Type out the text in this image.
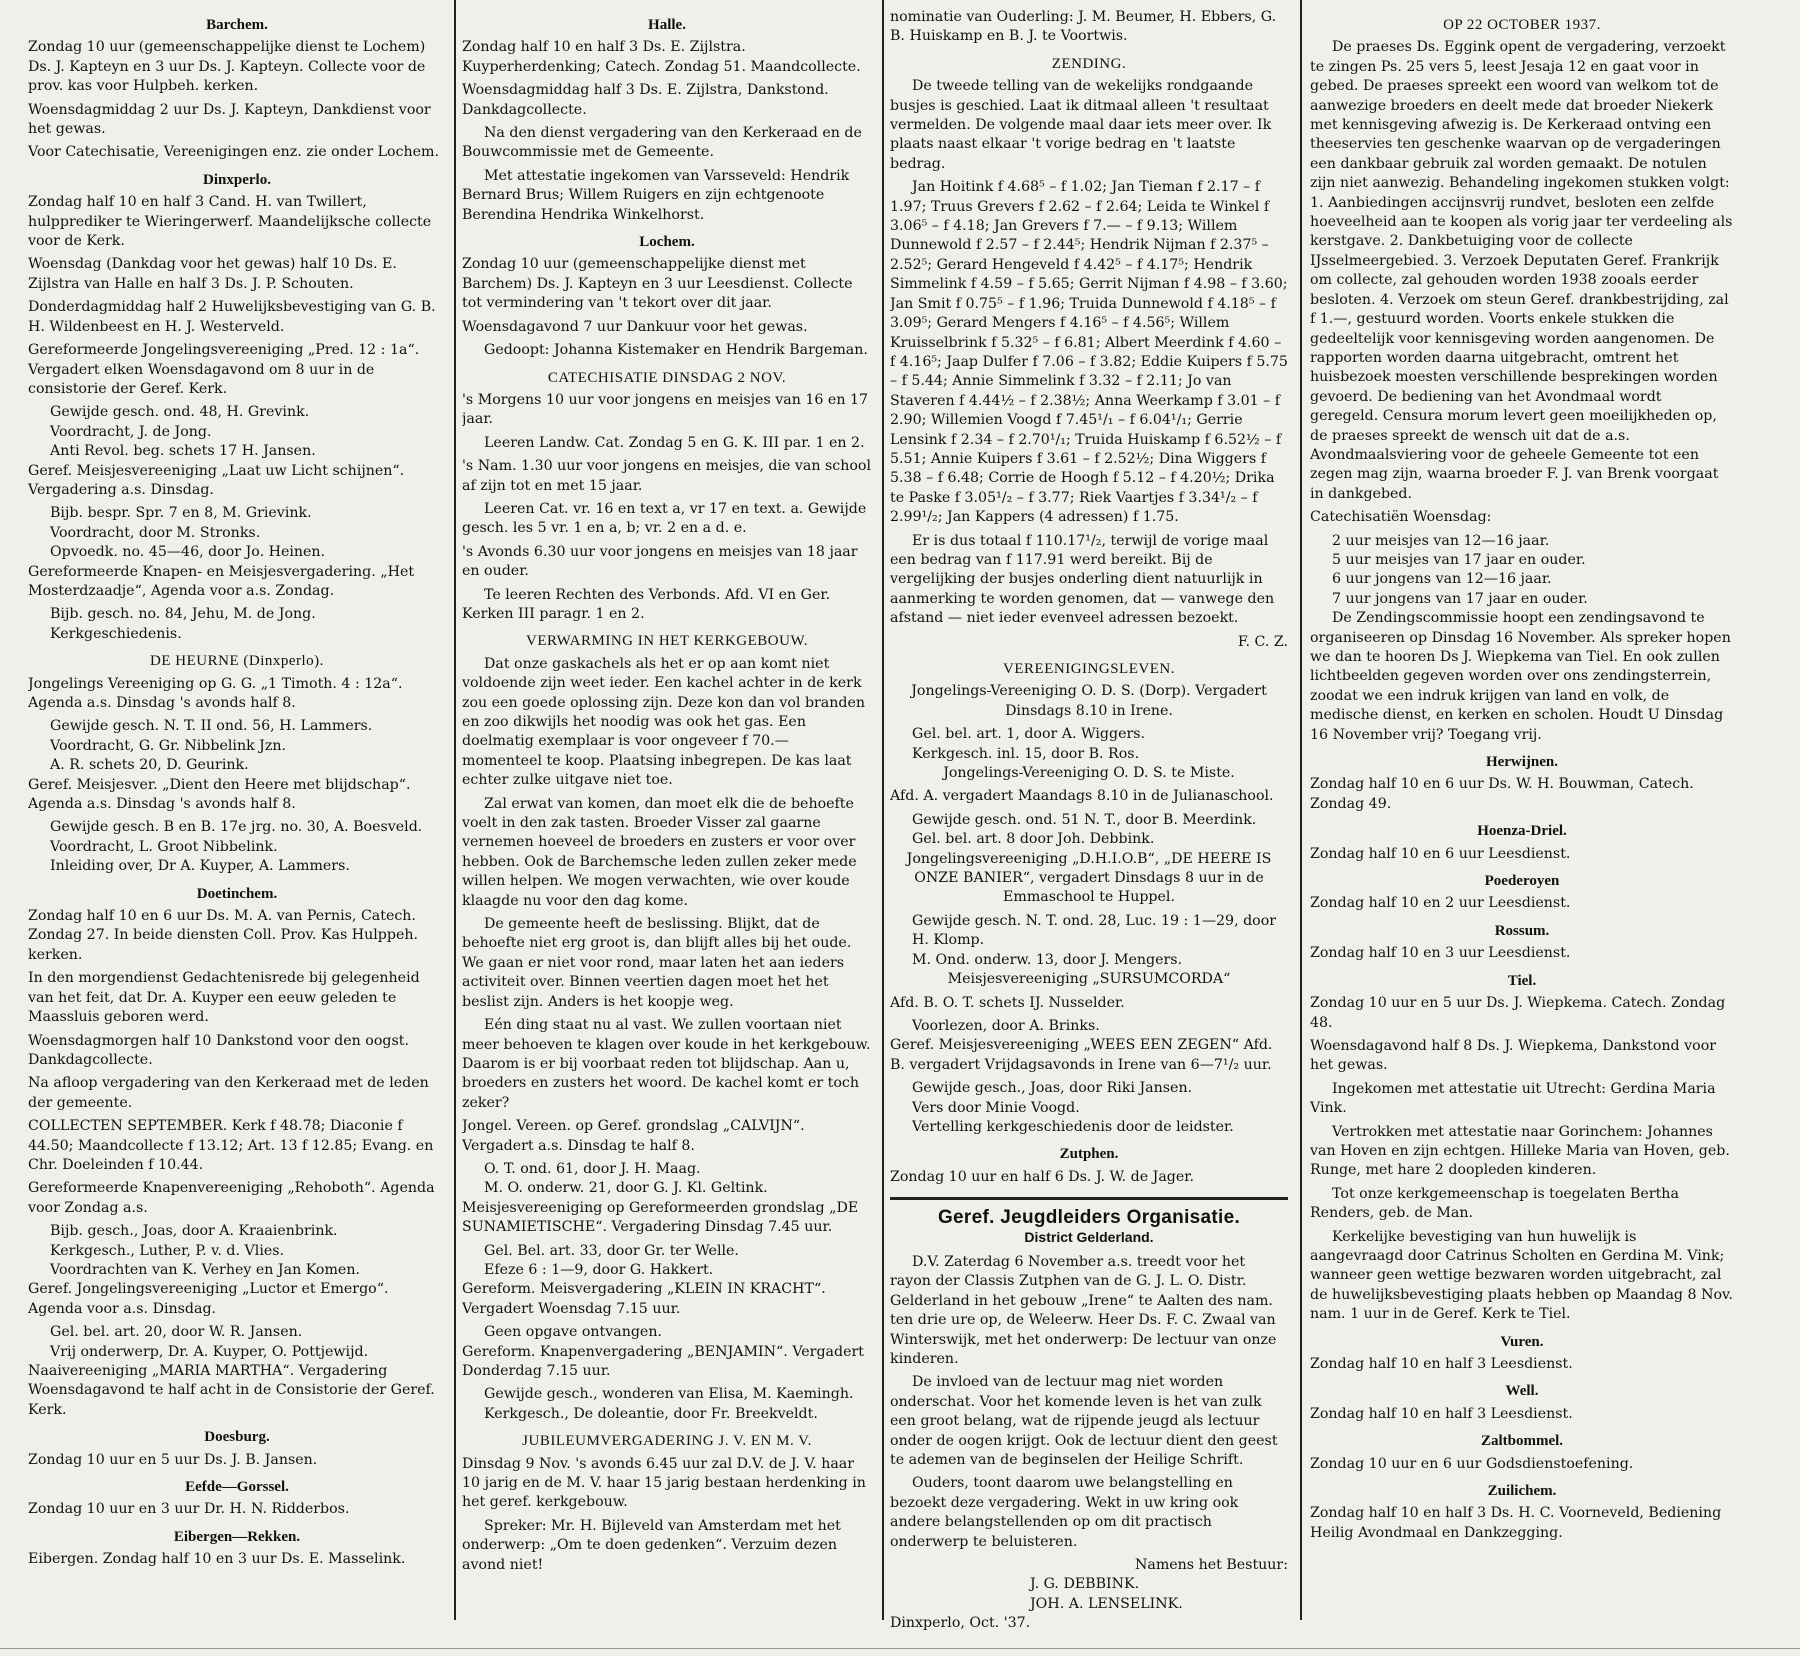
Barchem.
Zondag 10 uur (gemeenschappelijke dienst te Lochem) Ds. J. Kapteyn en 3 uur Ds. J. Kapteyn. Collecte voor de prov. kas voor Hulpbeh. kerken.
Woensdagmiddag 2 uur Ds. J. Kapteyn, Dankdienst voor het gewas.
Voor Catechisatie, Vereenigingen enz. zie onder Lochem.
Dinxperlo.
Zondag half 10 en half 3 Cand. H. van Twillert, hulpprediker te Wieringerwerf. Maandelijksche collecte voor de Kerk.
Woensdag (Dankdag voor het gewas) half 10 Ds. E. Zijlstra van Halle en half 3 Ds. J. P. Schouten.
Donderdagmiddag half 2 Huwelijksbevestiging van G. B. H. Wildenbeest en H. J. Westerveld.
Gereformeerde Jongelingsvereeniging „Pred. 12 : 1a“. Vergadert elken Woensdagavond om 8 uur in de consistorie der Geref. Kerk.
Gewijde gesch. ond. 48, H. Grevink.
Voordracht, J. de Jong.
Anti Revol. beg. schets 17 H. Jansen.
Geref. Meisjesvereeniging „Laat uw Licht schijnen“. Vergadering a.s. Dinsdag.
Bijb. bespr. Spr. 7 en 8, M. Grievink.
Voordracht, door M. Stronks.
Opvoedk. no. 45—46, door Jo. Heinen.
Gereformeerde Knapen- en Meisjesvergadering. „Het Mosterdzaadje“, Agenda voor a.s. Zondag.
Bijb. gesch. no. 84, Jehu, M. de Jong.
Kerkgeschiedenis.
DE HEURNE (Dinxperlo).
Jongelings Vereeniging op G. G. „1 Timoth. 4 : 12a“. Agenda a.s. Dinsdag 's avonds half 8.
Gewijde gesch. N. T. II ond. 56, H. Lammers.
Voordracht, G. Gr. Nibbelink Jzn.
A. R. schets 20, D. Geurink.
Geref. Meisjesver. „Dient den Heere met blijdschap“. Agenda a.s. Dinsdag 's avonds half 8.
Gewijde gesch. B en B. 17e jrg. no. 30, A. Boesveld.
Voordracht, L. Groot Nibbelink.
Inleiding over, Dr A. Kuyper, A. Lammers.
Doetinchem.
Zondag half 10 en 6 uur Ds. M. A. van Pernis, Catech. Zondag 27. In beide diensten Coll. Prov. Kas Hulppeh. kerken.
In den morgendienst Gedachtenisrede bij gelegenheid van het feit, dat Dr. A. Kuyper een eeuw geleden te Maassluis geboren werd.
Woensdagmorgen half 10 Dankstond voor den oogst. Dankdagcollecte.
Na afloop vergadering van den Kerkeraad met de leden der gemeente.
COLLECTEN SEPTEMBER. Kerk f 48.78; Diaconie f 44.50; Maandcollecte f 13.12; Art. 13 f 12.85; Evang. en Chr. Doeleinden f 10.44.
Gereformeerde Knapenvereeniging „Rehoboth“. Agenda voor Zondag a.s.
Bijb. gesch., Joas, door A. Kraaienbrink.
Kerkgesch., Luther, P. v. d. Vlies.
Voordrachten van K. Verhey en Jan Komen.
Geref. Jongelingsvereeniging „Luctor et Emergo“. Agenda voor a.s. Dinsdag.
Gel. bel. art. 20, door W. R. Jansen.
Vrij onderwerp, Dr. A. Kuyper, O. Pottjewijd.
Naaivereeniging „MARIA MARTHA“. Vergadering Woensdagavond te half acht in de Consistorie der Geref. Kerk.
Doesburg.
Zondag 10 uur en 5 uur Ds. J. B. Jansen.
Eefde—Gorssel.
Zondag 10 uur en 3 uur Dr. H. N. Ridderbos.
Eibergen—Rekken.
Eibergen. Zondag half 10 en 3 uur Ds. E. Masselink.
Halle.
Zondag half 10 en half 3 Ds. E. Zijlstra. Kuyperherdenking; Catech. Zondag 51. Maandcollecte.
Woensdagmiddag half 3 Ds. E. Zijlstra, Dankstond. Dankdagcollecte.
Na den dienst vergadering van den Kerkeraad en de Bouwcommissie met de Gemeente.
Met attestatie ingekomen van Varsseveld: Hendrik Bernard Brus; Willem Ruigers en zijn echtgenoote Berendina Hendrika Winkelhorst.
Lochem.
Zondag 10 uur (gemeenschappelijke dienst met Barchem) Ds. J. Kapteyn en 3 uur Leesdienst. Collecte tot vermindering van 't tekort over dit jaar.
Woensdagavond 7 uur Dankuur voor het gewas.
Gedoopt: Johanna Kistemaker en Hendrik Bargeman.
CATECHISATIE DINSDAG 2 NOV.
's Morgens 10 uur voor jongens en meisjes van 16 en 17 jaar.
Leeren Landw. Cat. Zondag 5 en G. K. III par. 1 en 2.
's Nam. 1.30 uur voor jongens en meisjes, die van school af zijn tot en met 15 jaar.
Leeren Cat. vr. 16 en text a, vr 17 en text. a. Gewijde gesch. les 5 vr. 1 en a, b; vr. 2 en a d. e.
's Avonds 6.30 uur voor jongens en meisjes van 18 jaar en ouder.
Te leeren Rechten des Verbonds. Afd. VI en Ger. Kerken III paragr. 1 en 2.
VERWARMING IN HET KERKGEBOUW.
Dat onze gaskachels als het er op aan komt niet voldoende zijn weet ieder. Een kachel achter in de kerk zou een goede oplossing zijn. Deze kon dan vol branden en zoo dikwijls het noodig was ook het gas. Een doelmatig exemplaar is voor ongeveer f 70.— momenteel te koop. Plaatsing inbegrepen. De kas laat echter zulke uitgave niet toe.
Zal erwat van komen, dan moet elk die de behoefte voelt in den zak tasten. Broeder Visser zal gaarne vernemen hoeveel de broeders en zusters er voor over hebben. Ook de Barchemsche leden zullen zeker mede willen helpen. We mogen verwachten, wie over koude klaagde nu voor den dag kome.
De gemeente heeft de beslissing. Blijkt, dat de behoefte niet erg groot is, dan blijft alles bij het oude. We gaan er niet voor rond, maar laten het aan ieders activiteit over. Binnen veertien dagen moet het het beslist zijn. Anders is het koopje weg.
Eén ding staat nu al vast. We zullen voortaan niet meer behoeven te klagen over koude in het kerkgebouw. Daarom is er bij voorbaat reden tot blijdschap. Aan u, broeders en zusters het woord. De kachel komt er toch zeker?
Jongel. Vereen. op Geref. grondslag „CALVIJN“. Vergadert a.s. Dinsdag te half 8.
O. T. ond. 61, door J. H. Maag.
M. O. onderw. 21, door G. J. Kl. Geltink.
Meisjesvereeniging op Gereformeerden grondslag „DE SUNAMIETISCHE“. Vergadering Dinsdag 7.45 uur.
Gel. Bel. art. 33, door Gr. ter Welle.
Efeze 6 : 1—9, door G. Hakkert.
Gereform. Meisvergadering „KLEIN IN KRACHT“. Vergadert Woensdag 7.15 uur.
Geen opgave ontvangen.
Gereform. Knapenvergadering „BENJAMIN“. Vergadert Donderdag 7.15 uur.
Gewijde gesch., wonderen van Elisa, M. Kaemingh.
Kerkgesch., De doleantie, door Fr. Breekveldt.
JUBILEUMVERGADERING J. V. EN M. V.
Dinsdag 9 Nov. 's avonds 6.45 uur zal D.V. de J. V. haar 10 jarig en de M. V. haar 15 jarig bestaan herdenking in het geref. kerkgebouw.
Spreker: Mr. H. Bijleveld van Amsterdam met het onderwerp: „Om te doen gedenken“. Verzuim dezen avond niet!
nominatie van Ouderling: J. M. Beumer, H. Ebbers, G. B. Huiskamp en B. J. te Voortwis.
ZENDING.
De tweede telling van de wekelijks rondgaande busjes is geschied. Laat ik ditmaal alleen 't resultaat vermelden. De volgende maal daar iets meer over. Ik plaats naast elkaar 't vorige bedrag en 't laatste bedrag.
Jan Hoitink f 4.68⁵ – f 1.02; Jan Tieman f 2.17 – f 1.97; Truus Grevers f 2.62 – f 2.64; Leida te Winkel f 3.06⁵ – f 4.18; Jan Grevers f 7.— – f 9.13; Willem Dunnewold f 2.57 – f 2.44⁵; Hendrik Nijman f 2.37⁵ – 2.52⁵; Gerard Hengeveld f 4.42⁵ – f 4.17⁵; Hendrik Simmelink f 4.59 – f 5.65; Gerrit Nijman f 4.98 – f 3.60; Jan Smit f 0.75⁵ – f 1.96; Truida Dunnewold f 4.18⁵ – f 3.09⁵; Gerard Mengers f 4.16⁵ – f 4.56⁵; Willem Kruisselbrink f 5.32⁵ – f 6.81; Albert Meerdink f 4.60 – f 4.16⁵; Jaap Dulfer f 7.06 – f 3.82; Eddie Kuipers f 5.75 – f 5.44; Annie Simmelink f 3.32 – f 2.11; Jo van Staveren f 4.44½ – f 2.38½; Anna Weerkamp f 3.01 – f 2.90; Willemien Voogd f 7.45¹/₁ – f 6.04¹/₁; Gerrie Lensink f 2.34 – f 2.70¹/₁; Truida Huiskamp f 6.52½ – f 5.51; Annie Kuipers f 3.61 – f 2.52½; Dina Wiggers f 5.38 – f 6.48; Corrie de Hoogh f 5.12 – f 4.20½; Drika te Paske f 3.05¹/₂ – f 3.77; Riek Vaartjes f 3.34¹/₂ – f 2.99¹/₂; Jan Kappers (4 adressen) f 1.75.
Er is dus totaal f 110.17¹/₂, terwijl de vorige maal een bedrag van f 117.91 werd bereikt. Bij de vergelijking der busjes onderling dient natuurlijk in aanmerking te worden genomen, dat — vanwege den afstand — niet ieder evenveel adressen bezoekt.
F. C. Z.
VEREENIGINGSLEVEN.
Jongelings-Vereeniging O. D. S. (Dorp). Vergadert Dinsdags 8.10 in Irene.
Gel. bel. art. 1, door A. Wiggers.
Kerkgesch. inl. 15, door B. Ros.
Jongelings-Vereeniging O. D. S. te Miste.
Afd. A. vergadert Maandags 8.10 in de Julianaschool.
Gewijde gesch. ond. 51 N. T., door B. Meerdink.
Gel. bel. art. 8 door Joh. Debbink.
Jongelingsvereeniging „D.H.I.O.B“, „DE HEERE IS ONZE BANIER“, vergadert Dinsdags 8 uur in de Emmaschool te Huppel.
Gewijde gesch. N. T. ond. 28, Luc. 19 : 1—29, door H. Klomp.
M. Ond. onderw. 13, door J. Mengers.
Meisjesvereeniging „SURSUMCORDA“
Afd. B. O. T. schets IJ. Nusselder.
Voorlezen, door A. Brinks.
Geref. Meisjesvereeniging „WEES EEN ZEGEN“ Afd. B. vergadert Vrijdagsavonds in Irene van 6—7¹/₂ uur.
Gewijde gesch., Joas, door Riki Jansen.
Vers door Minie Voogd.
Vertelling kerkgeschiedenis door de leidster.
Zutphen.
Zondag 10 uur en half 6 Ds. J. W. de Jager.
Geref. Jeugdleiders Organisatie.
District Gelderland.
D.V. Zaterdag 6 November a.s. treedt voor het rayon der Classis Zutphen van de G. J. L. O. Distr. Gelderland in het gebouw „Irene“ te Aalten des nam. ten drie ure op, de Weleerw. Heer Ds. F. C. Zwaal van Winterswijk, met het onderwerp: De lectuur van onze kinderen.
De invloed van de lectuur mag niet worden onderschat. Voor het komende leven is het van zulk een groot belang, wat de rijpende jeugd als lectuur onder de oogen krijgt. Ook de lectuur dient den geest te ademen van de beginselen der Heilige Schrift.
Ouders, toont daarom uwe belangstelling en bezoekt deze vergadering. Wekt in uw kring ook andere belangstellenden op om dit practisch onderwerp te beluisteren.
Namens het Bestuur:
J. G. DEBBINK.
JOH. A. LENSELINK.
Dinxperlo, Oct. '37.
OP 22 OCTOBER 1937.
De praeses Ds. Eggink opent de vergadering, verzoekt te zingen Ps. 25 vers 5, leest Jesaja 12 en gaat voor in gebed. De praeses spreekt een woord van welkom tot de aanwezige broeders en deelt mede dat broeder Niekerk met kennisgeving afwezig is. De Kerkeraad ontving een theeservies ten geschenke waarvan op de vergaderingen een dankbaar gebruik zal worden gemaakt. De notulen zijn niet aanwezig. Behandeling ingekomen stukken volgt: 1. Aanbiedingen accijnsvrij rundvet, besloten een zelfde hoeveelheid aan te koopen als vorig jaar ter verdeeling als kerstgave. 2. Dankbetuiging voor de collecte IJsselmeergebied. 3. Verzoek Deputaten Geref. Frankrijk om collecte, zal gehouden worden 1938 zooals eerder besloten. 4. Verzoek om steun Geref. drankbestrijding, zal f 1.—, gestuurd worden. Voorts enkele stukken die gedeeltelijk voor kennisgeving worden aangenomen. De rapporten worden daarna uitgebracht, omtrent het huisbezoek moesten verschillende besprekingen worden gevoerd. De bediening van het Avondmaal wordt geregeld. Censura morum levert geen moeilijkheden op, de praeses spreekt de wensch uit dat de a.s. Avondmaalsviering voor de geheele Gemeente tot een zegen mag zijn, waarna broeder F. J. van Brenk voorgaat in dankgebed.
Catechisatiën Woensdag:
2 uur meisjes van 12—16 jaar.
5 uur meisjes van 17 jaar en ouder.
6 uur jongens van 12—16 jaar.
7 uur jongens van 17 jaar en ouder.
De Zendingscommissie hoopt een zendingsavond te organiseeren op Dinsdag 16 November. Als spreker hopen we dan te hooren Ds J. Wiepkema van Tiel. En ook zullen lichtbeelden gegeven worden over ons zendingsterrein, zoodat we een indruk krijgen van land en volk, de medische dienst, en kerken en scholen. Houdt U Dinsdag 16 November vrij? Toegang vrij.
Herwijnen.
Zondag half 10 en 6 uur Ds. W. H. Bouwman, Catech. Zondag 49.
Hoenza-Driel.
Zondag half 10 en 6 uur Leesdienst.
Poederoyen
Zondag half 10 en 2 uur Leesdienst.
Rossum.
Zondag half 10 en 3 uur Leesdienst.
Tiel.
Zondag 10 uur en 5 uur Ds. J. Wiepkema. Catech. Zondag 48.
Woensdagavond half 8 Ds. J. Wiepkema, Dankstond voor het gewas.
Ingekomen met attestatie uit Utrecht: Gerdina Maria Vink.
Vertrokken met attestatie naar Gorinchem: Johannes van Hoven en zijn echtgen. Hilleke Maria van Hoven, geb. Runge, met hare 2 doopleden kinderen.
Tot onze kerkgemeenschap is toegelaten Bertha Renders, geb. de Man.
Kerkelijke bevestiging van hun huwelijk is aangevraagd door Catrinus Scholten en Gerdina M. Vink; wanneer geen wettige bezwaren worden uitgebracht, zal de huwelijksbevestiging plaats hebben op Maandag 8 Nov. nam. 1 uur in de Geref. Kerk te Tiel.
Vuren.
Zondag half 10 en half 3 Leesdienst.
Well.
Zondag half 10 en half 3 Leesdienst.
Zaltbommel.
Zondag 10 uur en 6 uur Godsdienstoefening.
Zuilichem.
Zondag half 10 en half 3 Ds. H. C. Voorneveld, Bediening Heilig Avondmaal en Dankzegging.
